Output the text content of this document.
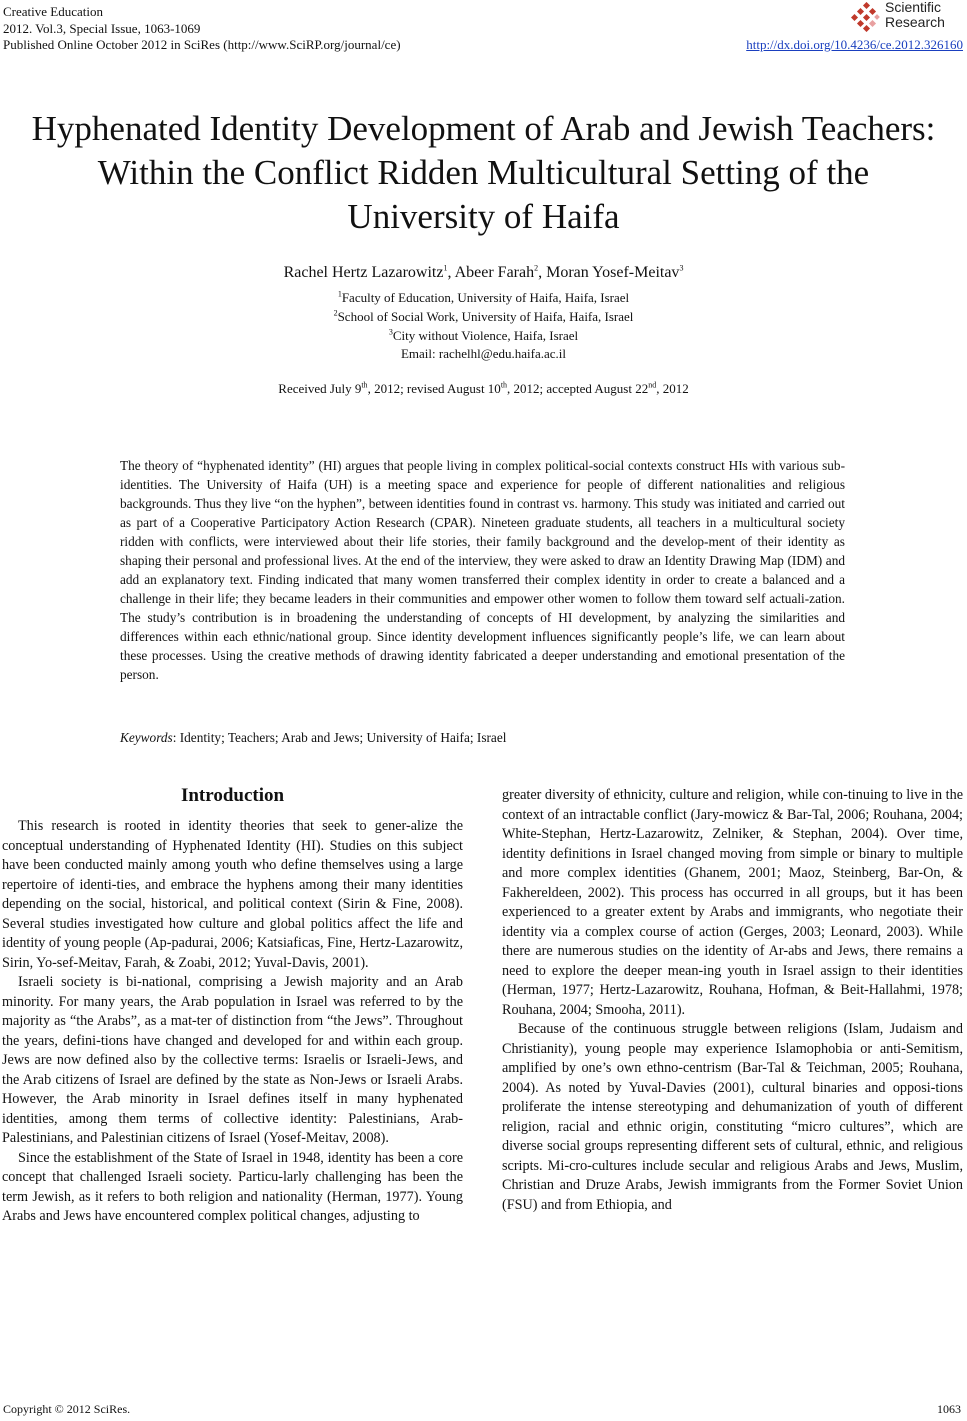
Creative Education
2012. Vol.3, Special Issue, 1063-1069
Published Online October 2012 in SciRes (http://www.SciRP.org/journal/ce)	http://dx.doi.org/10.4236/ce.2012.326160
Scientific
Research
Hyphenated Identity Development of Arab and Jewish Teachers:
Within the Conflict Ridden Multicultural Setting of the
University of Haifa
Rachel Hertz Lazarowitz$^1$, Abeer Farah$^2$, Moran Yosef-Meitav$^3$
$^1$Faculty of Education, University of Haifa, Haifa, Israel
$^2$School of Social Work, University of Haifa, Haifa, Israel
$^3$City without Violence, Haifa, Israel
Email: rachelhl@edu.haifa.ac.il
Received July 9th, 2012; revised August 10th, 2012; accepted August 22nd, 2012
The theory of “hyphenated identity” (HI) argues that people living in complex political-social contexts construct HIs with various sub-identities. The University of Haifa (UH) is a meeting space and experience for people of different nationalities and religious backgrounds. Thus they live “on the hyphen”, between identities found in contrast vs. harmony. This study was initiated and carried out as part of a Cooperative Participatory Action Research (CPAR). Nineteen graduate students, all teachers in a multicultural society ridden with conflicts, were interviewed about their life stories, their family background and the develop-ment of their identity as shaping their personal and professional lives. At the end of the interview, they were asked to draw an Identity Drawing Map (IDM) and add an explanatory text. Finding indicated that many women transferred their complex identity in order to create a balanced and a challenge in their life; they became leaders in their communities and empower other women to follow them toward self actuali-zation. The study’s contribution is in broadening the understanding of concepts of HI development, by analyzing the similarities and differences within each ethnic/national group. Since identity development influences significantly people’s life, we can learn about these processes. Using the creative methods of drawing identity fabricated a deeper understanding and emotional presentation of the person.
Keywords: Identity; Teachers; Arab and Jews; University of Haifa; Israel
Introduction

This research is rooted in identity theories that seek to gener-alize the conceptual understanding of Hyphenated Identity (HI). Studies on this subject have been conducted mainly among youth who define themselves using a large repertoire of identi-ties, and embrace the hyphens among their many identities depending on the social, historical, and political context (Sirin & Fine, 2008). Several studies investigated how culture and global politics affect the life and identity of young people (Ap-padurai, 2006; Katsiaficas, Fine, Hertz-Lazarowitz, Sirin, Yo-sef-Meitav, Farah, & Zoabi, 2012; Yuval-Davis, 2001).

Israeli society is bi-national, comprising a Jewish majority and an Arab minority. For many years, the Arab population in Israel was referred to by the majority as “the Arabs”, as a mat-ter of distinction from “the Jews”. Throughout the years, defini-tions have changed and developed for and within each group. Jews are now defined also by the collective terms: Israelis or Israeli-Jews, and the Arab citizens of Israel are defined by the state as Non-Jews or Israeli Arabs. However, the Arab minority in Israel defines itself in many hyphenated identities, among them terms of collective identity: Palestinians, Arab-Palestinians, and Palestinian citizens of Israel (Yosef-Meitav, 2008).

Since the establishment of the State of Israel in 1948, identity has been a core concept that challenged Israeli society. Particu-larly challenging has been the term Jewish, as it refers to both religion and nationality (Herman, 1977). Young Arabs and Jews have encountered complex political changes, adjusting to

greater diversity of ethnicity, culture and religion, while con-tinuing to live in the context of an intractable conflict (Jary-mowicz & Bar-Tal, 2006; Rouhana, 2004; White-Stephan, Hertz-Lazarowitz, Zelniker, & Stephan, 2004). Over time, identity definitions in Israel changed moving from simple or binary to multiple and more complex identities (Ghanem, 2001; Maoz, Steinberg, Bar-On, & Fakhereldeen, 2002). This process has occurred in all groups, but it has been experienced to a greater extent by Arabs and immigrants, who negotiate their identity via a complex course of action (Gerges, 2003; Leonard, 2003). While there are numerous studies on the identity of Ar-abs and Jews, there remains a need to explore the deeper mean-ing youth in Israel assign to their identities (Herman, 1977; Hertz-Lazarowitz, Rouhana, Hofman, & Beit-Hallahmi, 1978; Rouhana, 2004; Smooha, 2011).

Because of the continuous struggle between religions (Islam, Judaism and Christianity), young people may experience Islamophobia or anti-Semitism, amplified by one’s own ethno-centrism (Bar-Tal & Teichman, 2005; Rouhana, 2004). As noted by Yuval-Davies (2001), cultural binaries and opposi-tions proliferate the intense stereotyping and dehumanization of youth of different religion, racial and ethnic origin, constituting “micro cultures”, which are diverse social groups representing different sets of cultural, ethnic, and religious scripts. Mi-cro-cultures include secular and religious Arabs and Jews, Muslim, Christian and Druze Arabs, Jewish immigrants from the Former Soviet Union (FSU) and from Ethiopia, and

Copyright © 2012 SciRes.	1063
